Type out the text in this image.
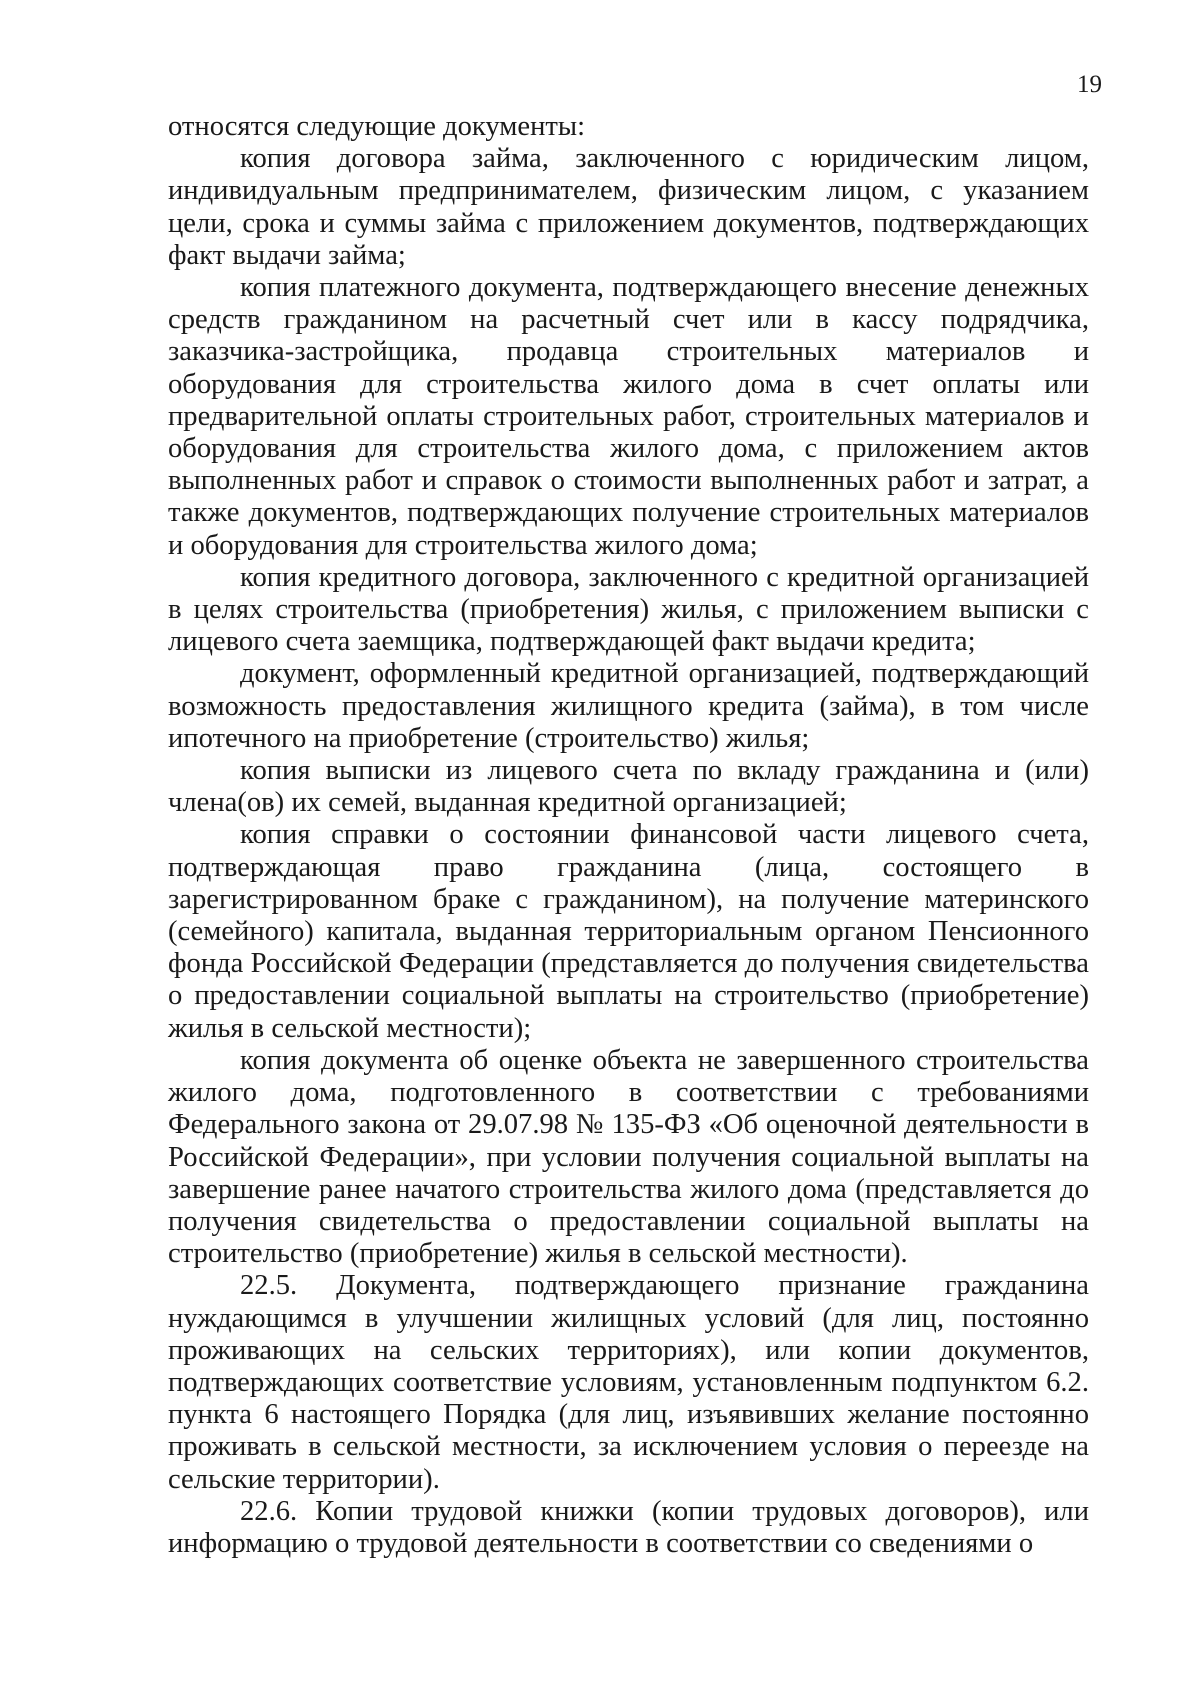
19

относятся следующие документы:

копия договора займа, заключенного с юридическим лицом, индивидуальным предпринимателем, физическим лицом, с указанием цели, срока и суммы займа с приложением документов, подтверждающих факт выдачи займа;

копия платежного документа, подтверждающего внесение денежных средств гражданином на расчетный счет или в кассу подрядчика, заказчика-застройщика, продавца строительных материалов и оборудования для строительства жилого дома в счет оплаты или предварительной оплаты строительных работ, строительных материалов и оборудования для строительства жилого дома, с приложением актов выполненных работ и справок о стоимости выполненных работ и затрат, а также документов, подтверждающих получение строительных материалов и оборудования для строительства жилого дома;

копия кредитного договора, заключенного с кредитной организацией в целях строительства (приобретения) жилья, с приложением выписки с лицевого счета заемщика, подтверждающей факт выдачи кредита;

документ, оформленный кредитной организацией, подтверждающий возможность предоставления жилищного кредита (займа), в том числе ипотечного на приобретение (строительство) жилья;

копия выписки из лицевого счета по вкладу гражданина и (или) члена(ов) их семей, выданная кредитной организацией;

копия справки о состоянии финансовой части лицевого счета, подтверждающая право гражданина (лица, состоящего в зарегистрированном браке с гражданином), на получение материнского (семейного) капитала, выданная территориальным органом Пенсионного фонда Российской Федерации (представляется до получения свидетельства о предоставлении социальной выплаты на строительство (приобретение) жилья в сельской местности);

копия документа об оценке объекта не завершенного строительства жилого дома, подготовленного в соответствии с требованиями Федерального закона от 29.07.98 № 135-ФЗ «Об оценочной деятельности в Российской Федерации», при условии получения социальной выплаты на завершение ранее начатого строительства жилого дома (представляется до получения свидетельства о предоставлении социальной выплаты на строительство (приобретение) жилья в сельской местности).

22.5. Документа, подтверждающего признание гражданина нуждающимся в улучшении жилищных условий (для лиц, постоянно проживающих на сельских территориях), или копии документов, подтверждающих соответствие условиям, установленным подпунктом 6.2. пункта 6 настоящего Порядка (для лиц, изъявивших желание постоянно проживать в сельской местности, за исключением условия о переезде на сельские территории).

22.6. Копии трудовой книжки (копии трудовых договоров), или информацию о трудовой деятельности в соответствии со сведениями о
